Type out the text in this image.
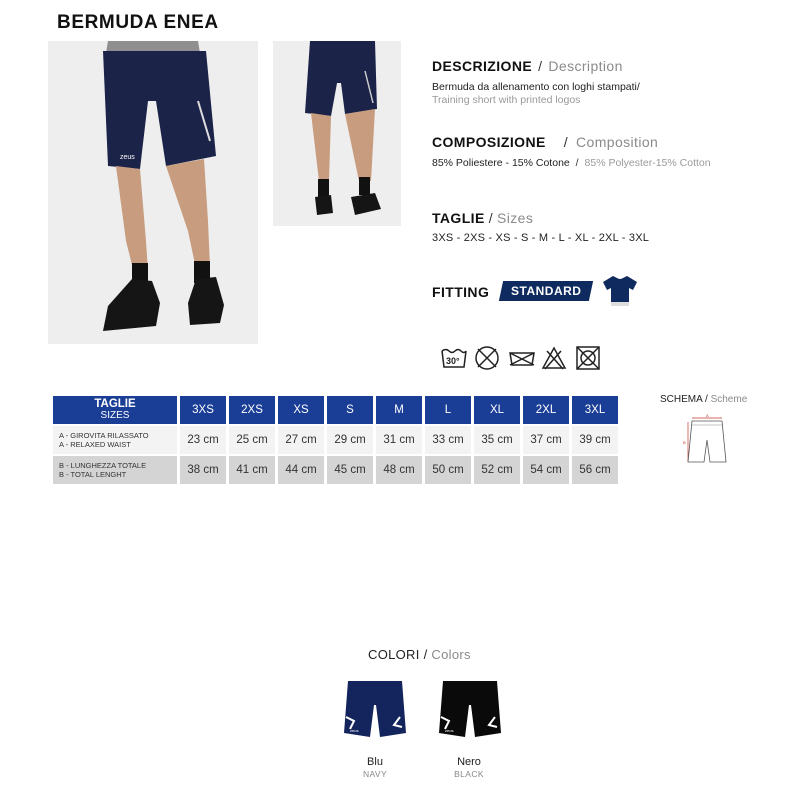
BERMUDA ENEA
zeus
DESCRIZIONE / Description
Bermuda da allenamento con loghi stampati/
Training short with printed logos
COMPOSIZIONE / Composition
85% Poliestere - 15% Cotone / 85% Polyester-15% Cotton
TAGLIE / Sizes
3XS - 2XS - XS - S - M - L - XL - 2XL - 3XL
FITTING STANDARD
30°
TAGLIE
SIZES	3XS	2XS	XS	S	M	L	XL	2XL	3XL

A - GIROVITA RILASSATO
A - RELAXED WAIST	23 cm	25 cm	27 cm	29 cm	31 cm	33 cm	35 cm	37 cm	39 cm

B - LUNGHEZZA TOTALE
B - TOTAL LENGHT	38 cm	41 cm	44 cm	45 cm	48 cm	50 cm	52 cm	54 cm	56 cm
SCHEMA / Scheme
A
B
COLORI / Colors
zeus
Blu
NAVY
zeus
Nero
BLACK
